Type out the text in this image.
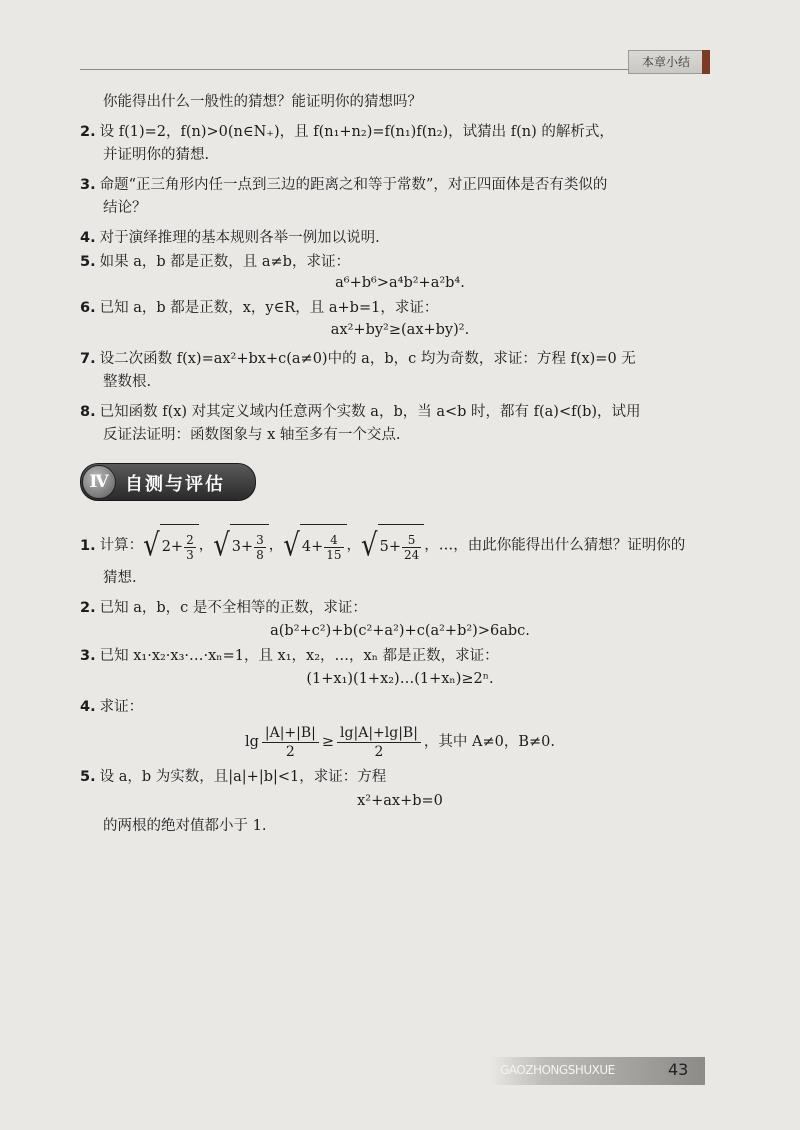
本章小结
你能得出什么一般性的猜想？能证明你的猜想吗？
2. 设 f(1)=2，f(n)>0(n∈N₊)，且 f(n₁+n₂)=f(n₁)f(n₂)，试猜出 f(n) 的解析式，
并证明你的猜想.
3. 命题“正三角形内任一点到三边的距离之和等于常数”，对正四面体是否有类似的
结论？
4. 对于演绎推理的基本规则各举一例加以说明.
5. 如果 a，b 都是正数，且 a≠b，求证：
a⁶+b⁶>a⁴b²+a²b⁴.
6. 已知 a，b 都是正数，x，y∈R，且 a+b=1，求证：
ax²+by²≥(ax+by)².
7. 设二次函数 f(x)=ax²+bx+c(a≠0)中的 a，b，c 均为奇数，求证：方程 f(x)=0 无
整数根.
8. 已知函数 f(x) 对其定义域内任意两个实数 a，b，当 a<b 时，都有 f(a)<f(b)，试用
反证法证明：函数图象与 x 轴至多有一个交点.
Ⅳ 自测与评估
1. 计算：√ $2+ \frac{2}{3}$ ，√ $3+ \frac{3}{8}$ ，√ $4+ \frac{4}{15}$ ，√ $5+ \frac{5}{24}$ ，…，由此你能得出什么猜想？证明你的
猜想.
2. 已知 a，b，c 是不全相等的正数，求证：
a(b²+c²)+b(c²+a²)+c(a²+b²)>6abc.
3. 已知 x₁·x₂·x₃·…·xₙ=1，且 x₁，x₂，…，xₙ 都是正数，求证：
(1+x₁)(1+x₂)…(1+xₙ)≥2ⁿ.
4. 求证：
$\lg \frac{|A|+|B|}{2} \ge \frac{\lg|A|+\lg|B|}{2}$ ，其中 A≠0，B≠0.
5. 设 a，b 为实数，且|a|+|b|<1，求证：方程
x²+ax+b=0
的两根的绝对值都小于 1.
GAOZHONGSHUXUE	43
